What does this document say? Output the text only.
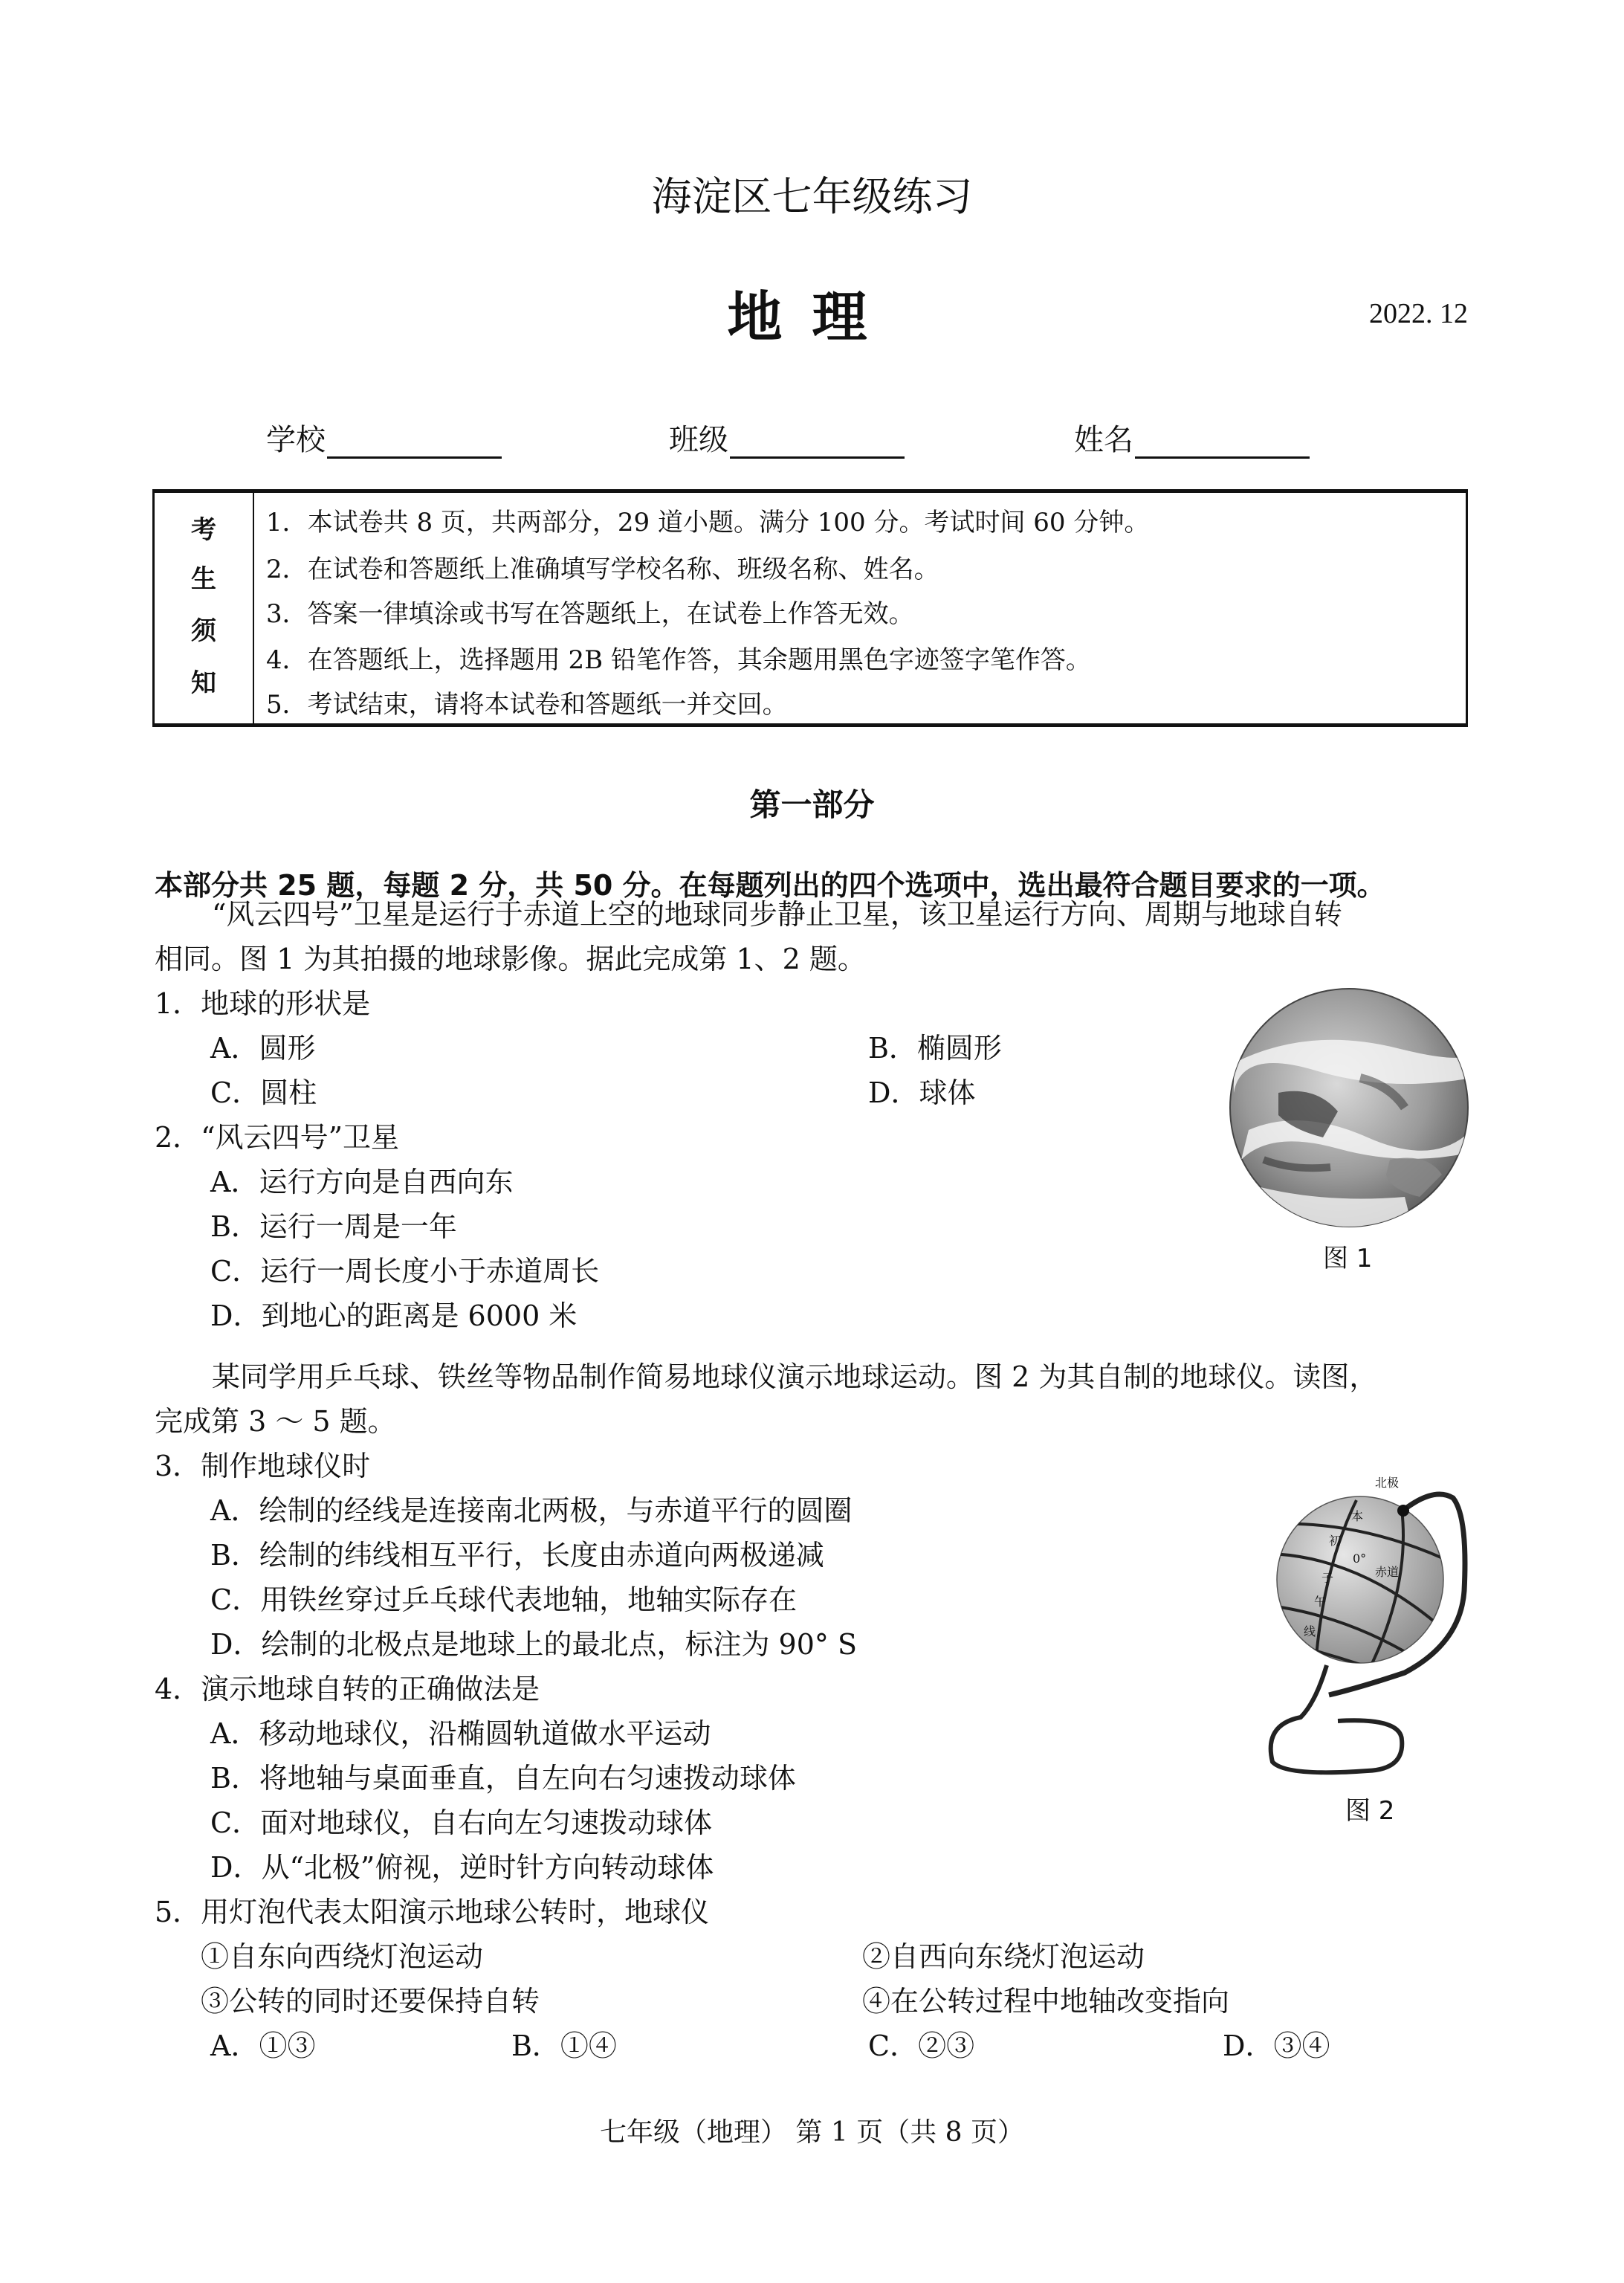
海淀区七年级练习
地理	2022. 12
学校	班级	姓名
考
生
须
知
1．本试卷共 8 页，共两部分，29 道小题。满分 100 分。考试时间 60 分钟。
2．在试卷和答题纸上准确填写学校名称、班级名称、姓名。
3．答案一律填涂或书写在答题纸上，在试卷上作答无效。
4．在答题纸上，选择题用 2B 铅笔作答，其余题用黑色字迹签字笔作答。
5．考试结束，请将本试卷和答题纸一并交回。
第一部分
本部分共 25 题，每题 2 分，共 50 分。在每题列出的四个选项中，选出最符合题目要求的一项。
“风云四号”卫星是运行于赤道上空的地球同步静止卫星，该卫星运行方向、周期与地球自转
相同。图 1 为其拍摄的地球影像。据此完成第 1、2 题。
1．地球的形状是
A．圆形	B．椭圆形
C．圆柱	D．球体
2．“风云四号”卫星
A．运行方向是自西向东
B．运行一周是一年
C．运行一周长度小于赤道周长
D．到地心的距离是 6000 米
图 1
某同学用乒乓球、铁丝等物品制作简易地球仪演示地球运动。图 2 为其自制的地球仪。读图，
完成第 3 ～ 5 题。
3．制作地球仪时
A．绘制的经线是连接南北两极，与赤道平行的圆圈
B．绘制的纬线相互平行，长度由赤道向两极递减
C．用铁丝穿过乒乓球代表地轴，地轴实际存在
D．绘制的北极点是地球上的最北点，标注为 90° S
北极
本
初
0°
赤道
子
午
线
图 2
4．演示地球自转的正确做法是
A．移动地球仪，沿椭圆轨道做水平运动
B．将地轴与桌面垂直，自左向右匀速拨动球体
C．面对地球仪，自右向左匀速拨动球体
D．从“北极”俯视，逆时针方向转动球体
5．用灯泡代表太阳演示地球公转时，地球仪
①自东向西绕灯泡运动	②自西向东绕灯泡运动
③公转的同时还要保持自转	④在公转过程中地轴改变指向
A．①③	B．①④	C．②③	D．③④
七年级（地理） 第 1 页（共 8 页）
